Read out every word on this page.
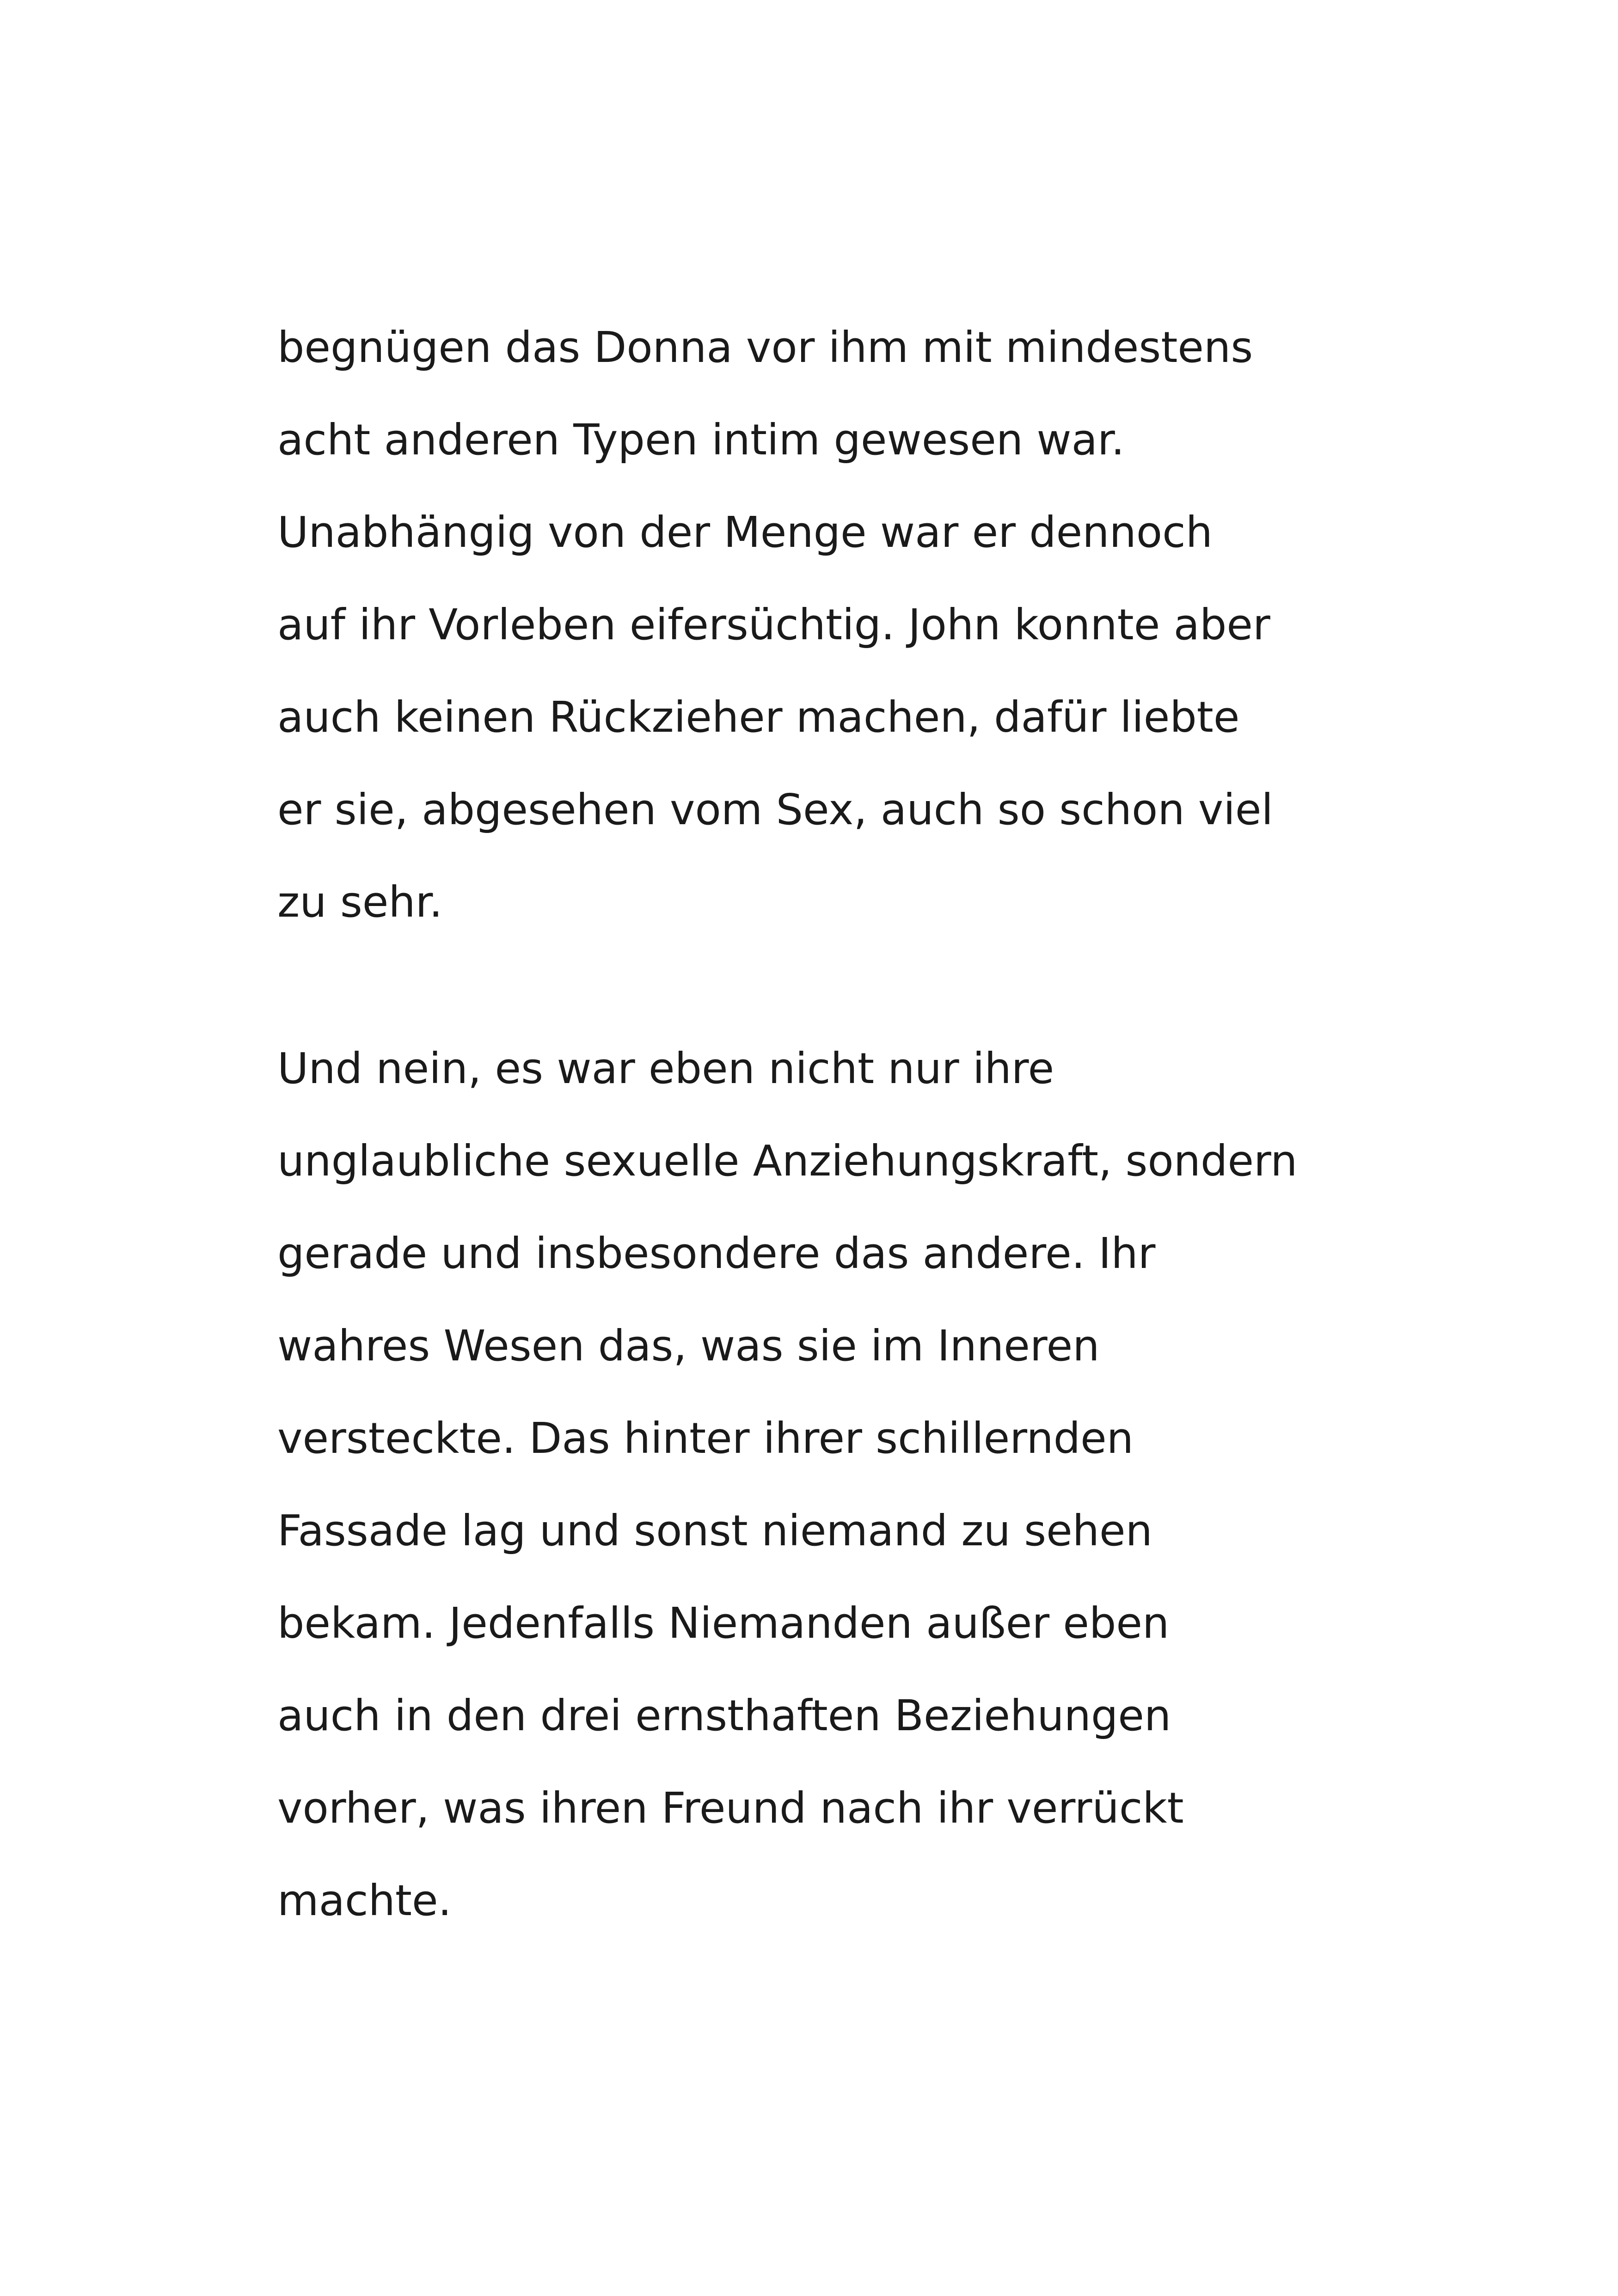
begnügen das Donna vor ihm mit mindestens
acht anderen Typen intim gewesen war.
Unabhängig von der Menge war er dennoch
auf ihr Vorleben eifersüchtig. John konnte aber
auch keinen Rückzieher machen, dafür liebte
er sie, abgesehen vom Sex, auch so schon viel
zu sehr.
Und nein, es war eben nicht nur ihre
unglaubliche sexuelle Anziehungskraft, sondern
gerade und insbesondere das andere. Ihr
wahres Wesen das, was sie im Inneren
versteckte. Das hinter ihrer schillernden
Fassade lag und sonst niemand zu sehen
bekam. Jedenfalls Niemanden außer eben
auch in den drei ernsthaften Beziehungen
vorher, was ihren Freund nach ihr verrückt
machte.
